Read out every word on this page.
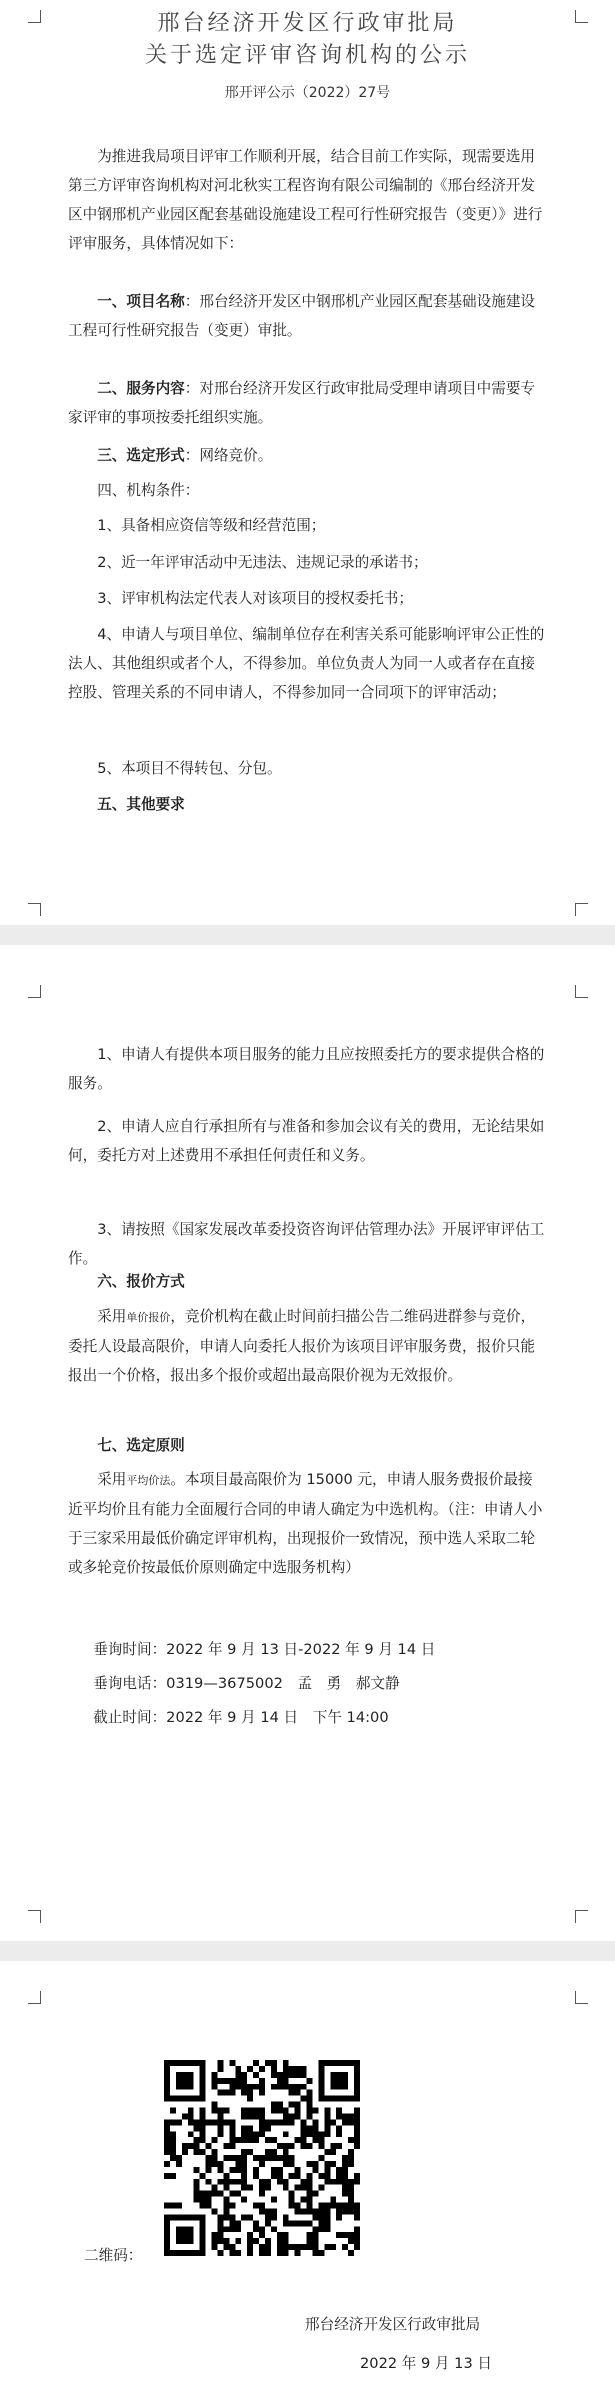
邢台经济开发区行政审批局
关于选定评审咨询机构的公示
邢开评公示（2022）27号

为推进我局项目评审工作顺利开展，结合目前工作实际，现需要选用第三方评审咨询机构对河北秋实工程咨询有限公司编制的《邢台经济开发区中钢邢机产业园区配套基础设施建设工程可行性研究报告（变更）》进行评审服务，具体情况如下：

一、项目名称：邢台经济开发区中钢邢机产业园区配套基础设施建设工程可行性研究报告（变更）审批。

二、服务内容：对邢台经济开发区行政审批局受理申请项目中需要专家评审的事项按委托组织实施。

三、选定形式：网络竞价。

四、机构条件：

1、具备相应资信等级和经营范围；

2、近一年评审活动中无违法、违规记录的承诺书；

3、评审机构法定代表人对该项目的授权委托书；

4、申请人与项目单位、编制单位存在利害关系可能影响评审公正性的法人、其他组织或者个人，不得参加。单位负责人为同一人或者存在直接控股、管理关系的不同申请人，不得参加同一合同项下的评审活动；

5、本项目不得转包、分包。

五、其他要求

1、申请人有提供本项目服务的能力且应按照委托方的要求提供合格的服务。

2、申请人应自行承担所有与准备和参加会议有关的费用，无论结果如何，委托方对上述费用不承担任何责任和义务。

3、请按照《国家发展改革委投资咨询评估管理办法》开展评审评估工作。

六、报价方式

采用单价报价，竞价机构在截止时间前扫描公告二维码进群参与竞价，委托人设最高限价，申请人向委托人报价为该项目评审服务费，报价只能报出一个价格，报出多个报价或超出最高限价视为无效报价。

七、选定原则

采用平均价法。本项目最高限价为 15000 元，申请人服务费报价最接近平均价且有能力全面履行合同的申请人确定为中选机构。（注：申请人小于三家采用最低价确定评审机构，出现报价一致情况，预中选人采取二轮或多轮竞价按最低价原则确定中选服务机构）

垂询时间：2022 年 9 月 13 日-2022 年 9 月 14 日

垂询电话：0319—3675002　孟　勇　郝文静

截止时间：2022 年 9 月 14 日　下午 14:00

二维码：
邢台经济开发区行政审批局
2022 年 9 月 13 日
